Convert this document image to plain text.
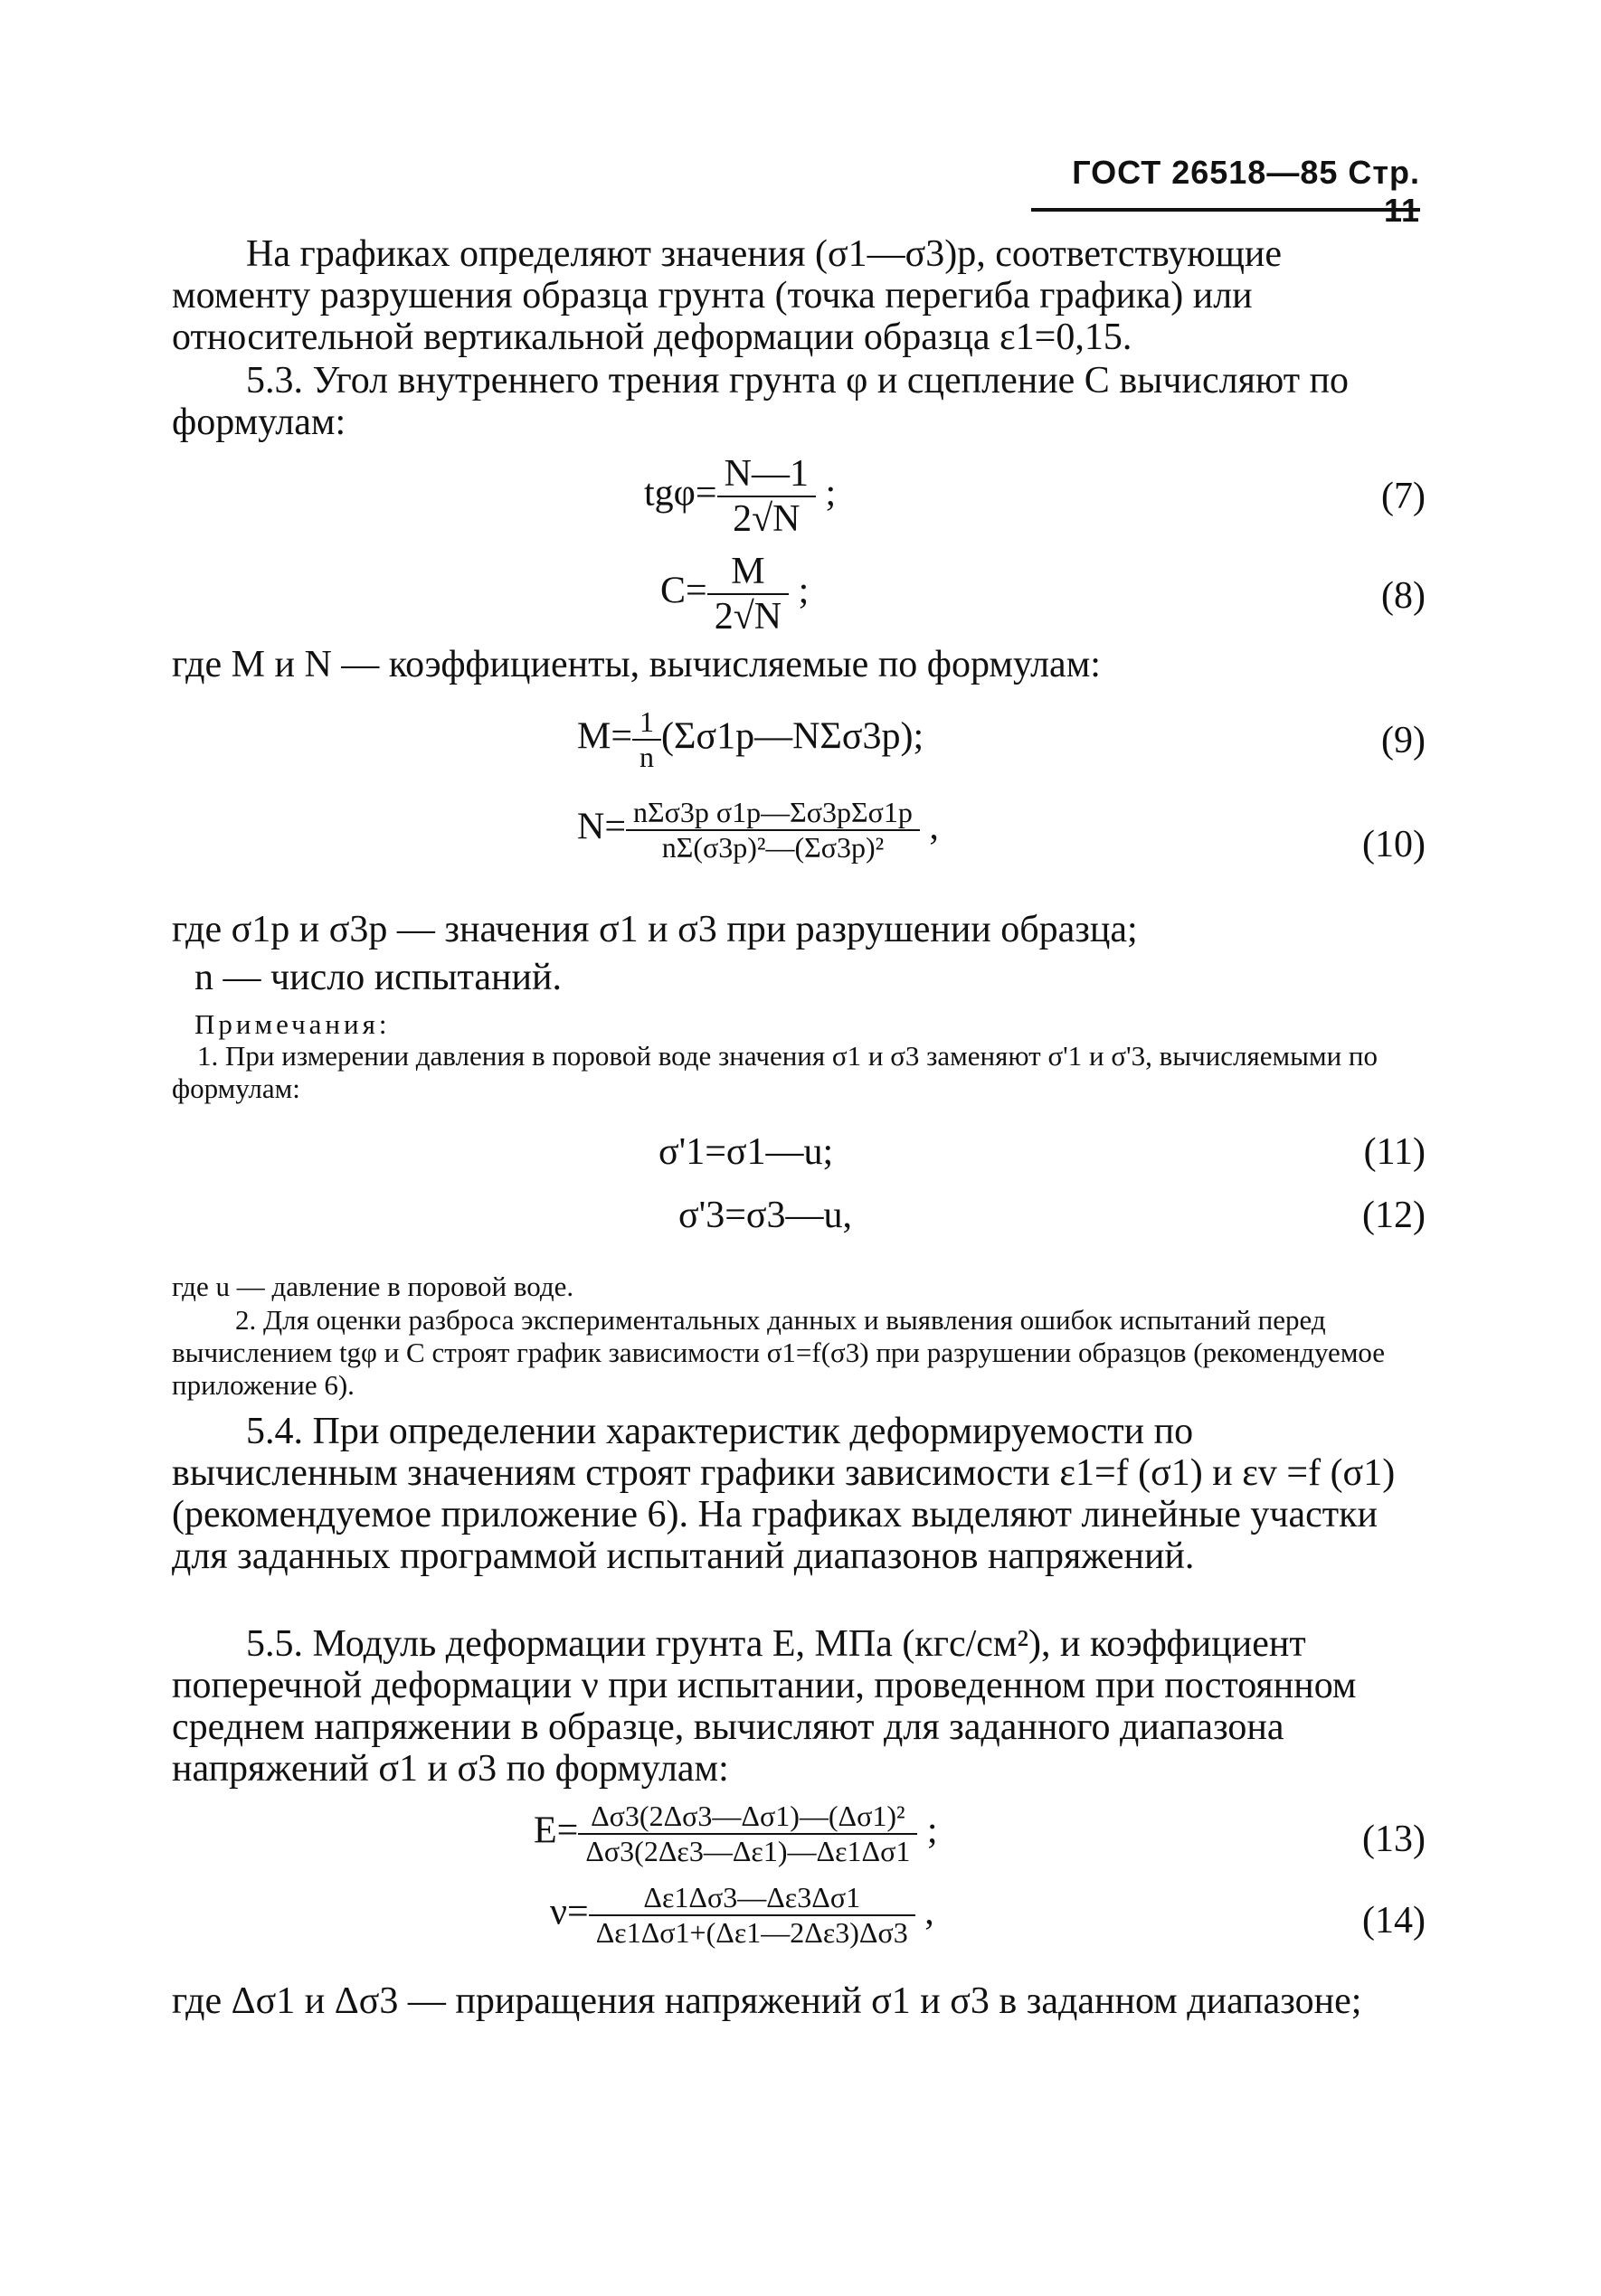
ГОСТ 26518—85 Стр. 11
На графиках определяют значения (σ1—σ3)p, соответствующие моменту разрушения образца грунта (точка перегиба графика) или относительной вертикальной деформации образца ε1=0,15.
5.3. Угол внутреннего трения грунта φ и сцепление C вычисляют по формулам:
$tg\varphi= \frac{N—1}{2√N}$ ;	(7)
$C= \frac{M}{2√N}$ ;	(8)
где M и N — коэффициенты, вычисляемые по формулам:
$M= \frac{1}{n}$ (Σσ1p—NΣσ3p);	(9)
$N= \frac{\text{nΣσ3p σ1p—Σσ3pΣσ1p}}{\text{nΣ(σ3p)²—(Σσ3p)²}}$ ,	(10)
где σ1p и σ3p — значения σ1 и σ3 при разрушении образца;
n — число испытаний.
Примечания:
1. При измерении давления в поровой воде значения σ1 и σ3 заменяют σ'1 и σ'3, вычисляемыми по формулам:
σ'1=σ1—u;	(11)
σ'3=σ3—u,	(12)
где u — давление в поровой воде.
2. Для оценки разброса экспериментальных данных и выявления ошибок испытаний перед вычислением tgφ и C строят график зависимости σ1=f(σ3) при разрушении образцов (рекомендуемое приложение 6).
5.4. При определении характеристик деформируемости по вычисленным значениям строят графики зависимости ε1=f (σ1) и εv =f (σ1) (рекомендуемое приложение 6). На графиках выделяют линейные участки для заданных программой испытаний диапазонов напряжений.
5.5. Модуль деформации грунта E, МПа (кгс/см²), и коэффициент поперечной деформации ν при испытании, проведенном при постоянном среднем напряжении в образце, вычисляют для заданного диапазона напряжений σ1 и σ3 по формулам:
$E= \frac{\text{Δσ3(2Δσ3—Δσ1)—(Δσ1)²}}{\Delta\sigma 3(2\Delta\varepsilon 3—\Delta\varepsilon 1)—\Delta\varepsilon 1\Delta\sigma 1}$ ;	(13)
$\nu= \frac{\Delta\varepsilon 1\Delta\sigma 3—\Delta\varepsilon 3\Delta\sigma 1}{\Delta\varepsilon 1\Delta\sigma 1+(\Delta\varepsilon 1—2\Delta\varepsilon 3)\Delta\sigma 3}$ ,	(14)
где Δσ1 и Δσ3 — приращения напряжений σ1 и σ3 в заданном диапазоне;
